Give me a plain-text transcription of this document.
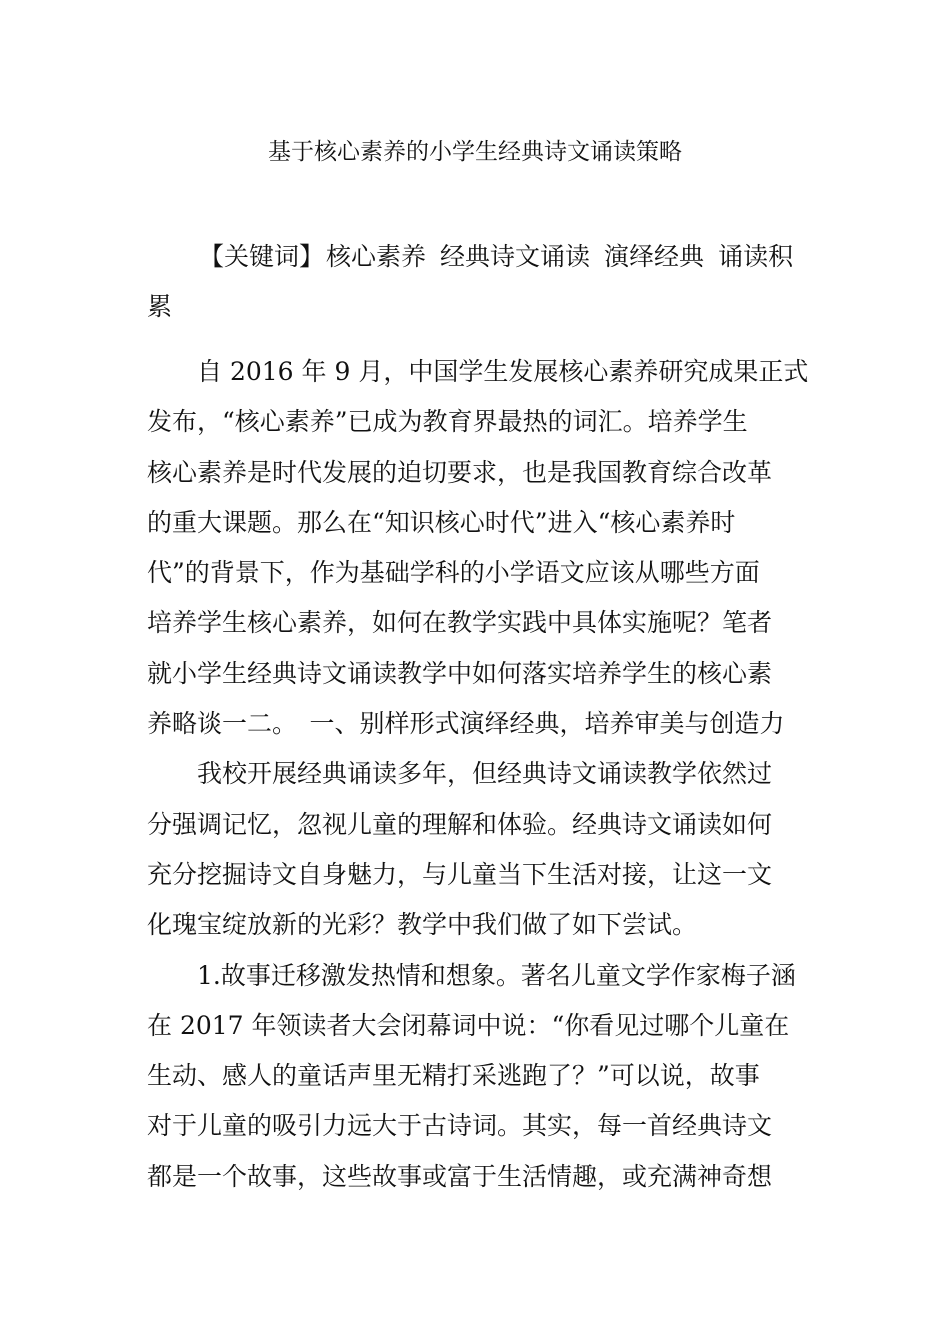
基于核心素养的小学生经典诗文诵读策略
【关键词】核心素养 经典诗文诵读 演绎经典 诵读积
累
自 2016 年 9 月，中国学生发展核心素养研究成果正式
发布，“核心素养”已成为教育界最热的词汇。培养学生
核心素养是时代发展的迫切要求，也是我国教育综合改革
的重大课题。那么在“知识核心时代”进入“核心素养时
代”的背景下，作为基础学科的小学语文应该从哪些方面
培养学生核心素养，如何在教学实践中具体实施呢？笔者
就小学生经典诗文诵读教学中如何落实培养学生的核心素
养略谈一二。　一、别样形式演绎经典，培养审美与创造力
我校开展经典诵读多年，但经典诗文诵读教学依然过
分强调记忆，忽视儿童的理解和体验。经典诗文诵读如何
充分挖掘诗文自身魅力，与儿童当下生活对接，让这一文
化瑰宝绽放新的光彩？教学中我们做了如下尝试。
1.故事迁移激发热情和想象。著名儿童文学作家梅子涵
在 2017 年领读者大会闭幕词中说：“你看见过哪个儿童在
生动、感人的童话声里无精打采逃跑了？”可以说，故事
对于儿童的吸引力远大于古诗词。其实，每一首经典诗文
都是一个故事，这些故事或富于生活情趣，或充满神奇想
